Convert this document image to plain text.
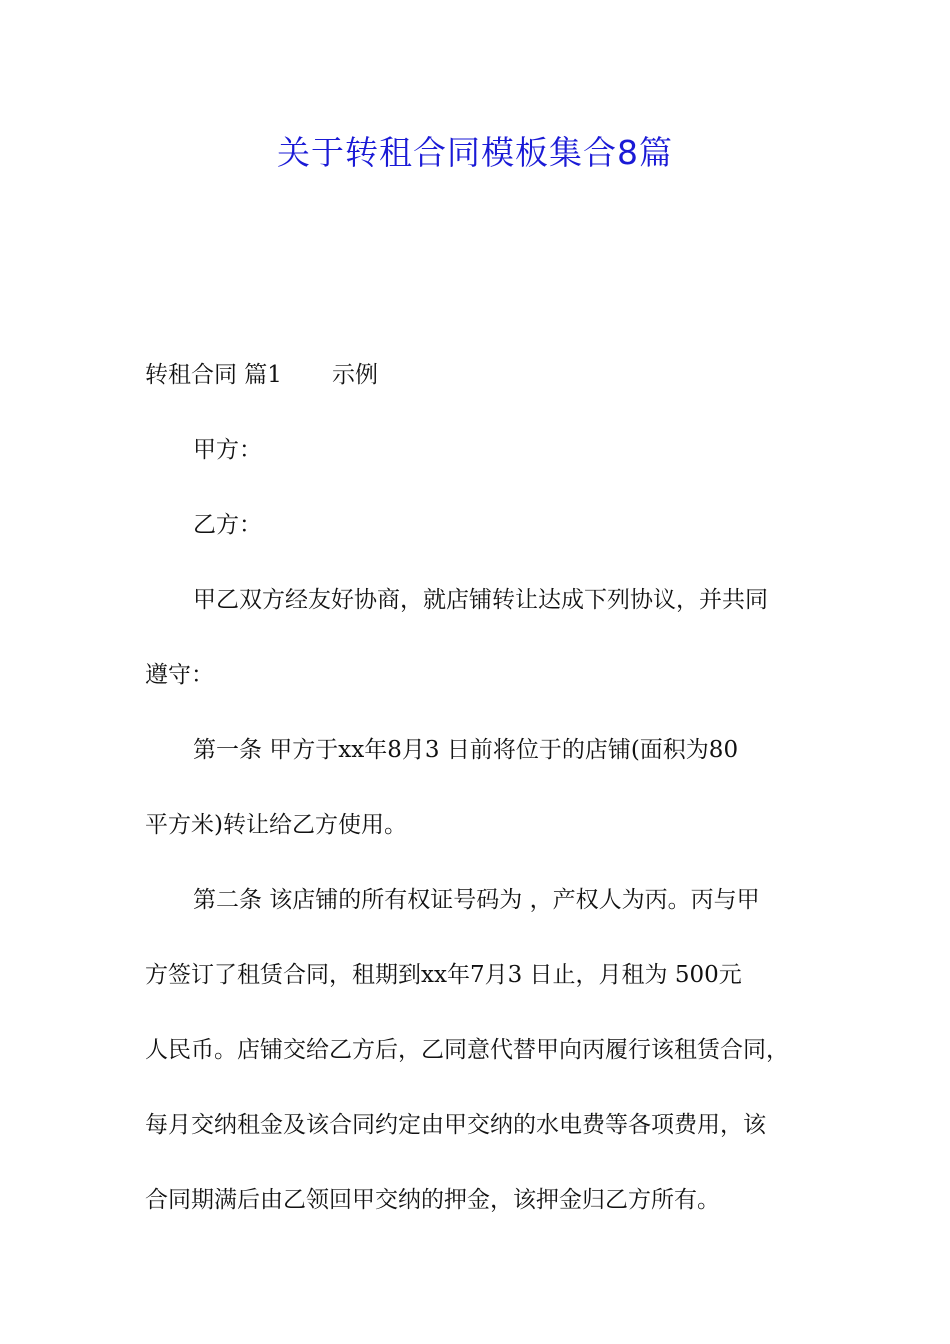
关于转租合同模板集合8篇
转租合同 篇1 示例
甲方：
乙方：
甲乙双方经友好协商，就店铺转让达成下列协议，并共同
遵守：
第一条 甲方于xx年8月3 日前将位于的店铺(面积为80
平方米)转让给乙方使用。
第二条 该店铺的所有权证号码为 ，产权人为丙。丙与甲
方签订了租赁合同，租期到xx年7月3 日止，月租为 500元
人民币。店铺交给乙方后，乙同意代替甲向丙履行该租赁合同，
每月交纳租金及该合同约定由甲交纳的水电费等各项费用，该
合同期满后由乙领回甲交纳的押金，该押金归乙方所有。
